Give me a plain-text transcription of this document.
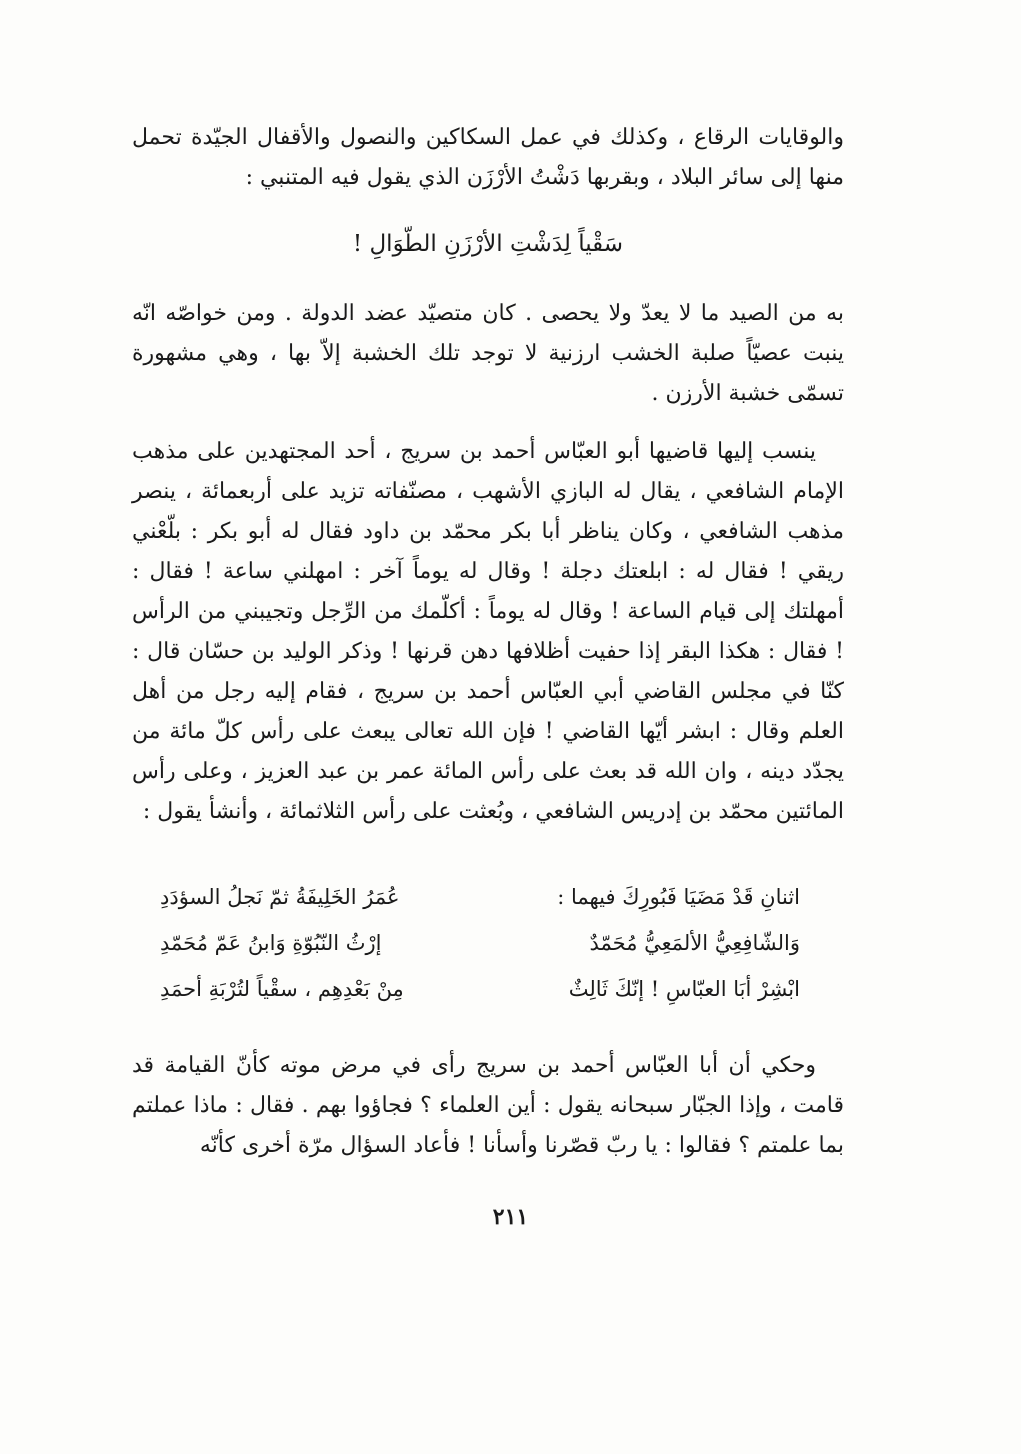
والوقايات الرقاع ، وكذلك في عمل السكاكين والنصول والأقفال الجيّدة تحمل منها إلى سائر البلاد ، وبقربها دَشْتُ الأرْزَن الذي يقول فيه المتنبي :

سَقْياً لِدَشْتِ الأرْزَنِ الطّوَالِ !

به من الصيد ما لا يعدّ ولا يحصى . كان متصيّد عضد الدولة . ومن خواصّه انّه ينبت عصيّاً صلبة الخشب ارزنية لا توجد تلك الخشبة إلاّ بها ، وهي مشهورة تسمّى خشبة الأرزن .

ينسب إليها قاضيها أبو العبّاس أحمد بن سريج ، أحد المجتهدين على مذهب الإمام الشافعي ، يقال له البازي الأشهب ، مصنّفاته تزيد على أربعمائة ، ينصر مذهب الشافعي ، وكان يناظر أبا بكر محمّد بن داود فقال له أبو بكر : بلّعْني ريقي ! فقال له : ابلعتك دجلة ! وقال له يوماً آخر : امهلني ساعة ! فقال : أمهلتك إلى قيام الساعة ! وقال له يوماً : أكلّمك من الرِّجل وتجيبني من الرأس ! فقال : هكذا البقر إذا حفيت أظلافها دهن قرنها ! وذكر الوليد بن حسّان قال : كنّا في مجلس القاضي أبي العبّاس أحمد بن سريج ، فقام إليه رجل من أهل العلم وقال : ابشر أيّها القاضي ! فإن الله تعالى يبعث على رأس كلّ مائة من يجدّد دينه ، وان الله قد بعث على رأس المائة عمر بن عبد العزيز ، وعلى رأس المائتين محمّد بن إدريس الشافعي ، وبُعثت على رأس الثلاثمائة ، وأنشأ يقول :

اثنانِ قَدْ مَضَيَا فَبُورِكَ فيهما :
عُمَرُ الخَلِيفَةُ ثمّ نَجلُ السؤدَدِ
وَالشّافِعِيُّ الألمَعِيُّ مُحَمّدٌ
إرْثُ النّبُوّةِ وَابنُ عَمّ مُحَمّدِ
ابْشِرْ أبَا العبّاسِ ! إنّكَ ثَالِثٌ
مِنْ بَعْدِهِم ، سقْياً لتُرْبَةِ أحمَدِ

وحكي أن أبا العبّاس أحمد بن سريج رأى في مرض موته كأنّ القيامة قد قامت ، وإذا الجبّار سبحانه يقول : أين العلماء ؟ فجاؤوا بهم . فقال : ماذا عملتم بما علمتم ؟ فقالوا : يا ربّ قصّرنا وأسأنا ! فأعاد السؤال مرّة أخرى كأنّه

٢١١
